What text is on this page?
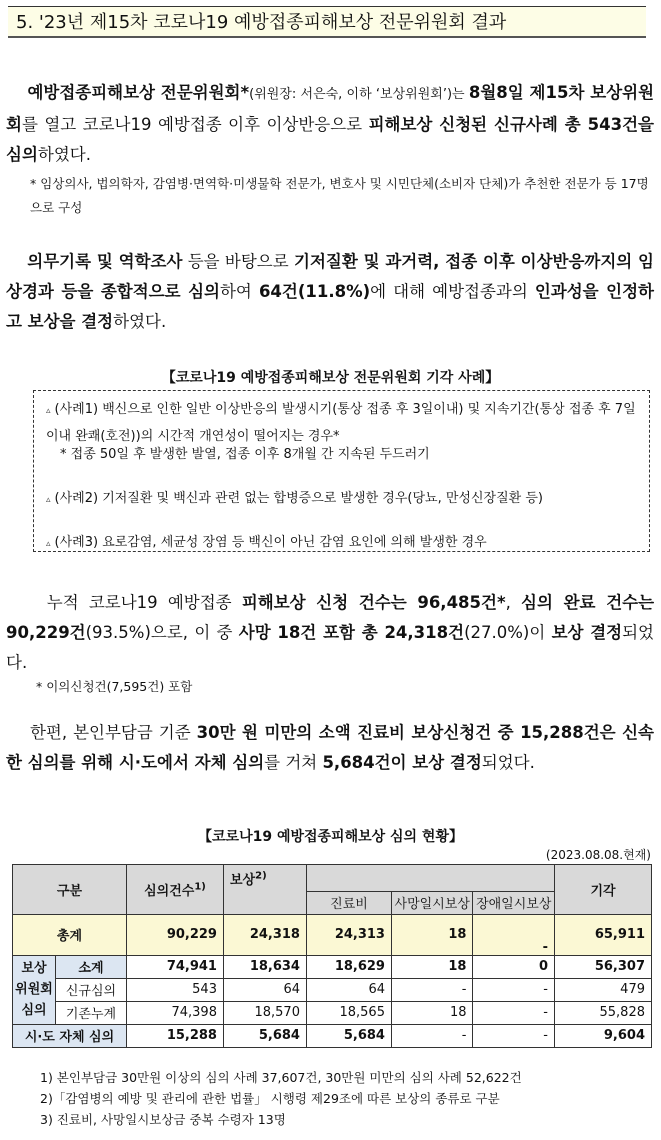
5. '23년 제15차 코로나19 예방접종피해보상 전문위원회 결과

예방접종피해보상 전문위원회*(위원장: 서은숙, 이하 ‘보상위원회’)는 8월8일 제15차 보상위원회를 열고 코로나19 예방접종 이후 이상반응으로 피해보상 신청된 신규사례 총 543건을 심의하였다.

* 임상의사, 법의학자, 감염병·면역학·미생물학 전문가, 변호사 및 시민단체(소비자 단체)가 추천한 전문가 등 17명으로 구성

의무기록 및 역학조사 등을 바탕으로 기저질환 및 과거력, 접종 이후 이상반응까지의 임상경과 등을 종합적으로 심의하여 64건(11.8%)에 대해 예방접종과의 인과성을 인정하고 보상을 결정하였다.

【코로나19 예방접종피해보상 전문위원회 기각 사례】
▵ (사례1) 백신으로 인한 일반 이상반응의 발생시기(통상 접종 후 3일이내) 및 지속기간(통상 접종 후 7일이내 완쾌(호전))의 시간적 개연성이 떨어지는 경우*
* 접종 50일 후 발생한 발열, 접종 이후 8개월 간 지속된 두드러기
▵ (사례2) 기저질환 및 백신과 관련 없는 합병증으로 발생한 경우(당뇨, 만성신장질환 등)
▵ (사례3) 요로감염, 세균성 장염 등 백신이 아닌 감염 요인에 의해 발생한 경우

누적 코로나19 예방접종 피해보상 신청 건수는 96,485건*, 심의 완료 건수는 90,229건(93.5%)으로, 이 중 사망 18건 포함 총 24,318건(27.0%)이 보상 결정되었다.

* 이의신청건(7,595건) 포함

한편, 본인부담금 기준 30만 원 미만의 소액 진료비 보상신청건 중 15,288건은 신속한 심의를 위해 시·도에서 자체 심의를 거쳐 5,684건이 보상 결정되었다.

【코로나19 예방접종피해보상 심의 현황】
(2023.08.08.현재)
구분		심의건수$^{1)}$	보상$^{2)}$				기각
				진료비	사망일시보상	장애일시보상	
총계		90,229	24,318	24,313	18	-	65,911
보상 위원회 심의	소계	74,941	18,634	18,629	18	0	56,307
	신규심의	543	64	64	-	-	479
	기존누계	74,398	18,570	18,565	18	-	55,828
시·도 자체 심의		15,288	5,684	5,684	-	-	9,604
1) 본인부담금 30만원 이상의 심의 사례 37,607건, 30만원 미만의 심의 사례 52,622건
2)「감염병의 예방 및 관리에 관한 법률」 시행령 제29조에 따른 보상의 종류로 구분
3) 진료비, 사망일시보상금 중복 수령자 13명
